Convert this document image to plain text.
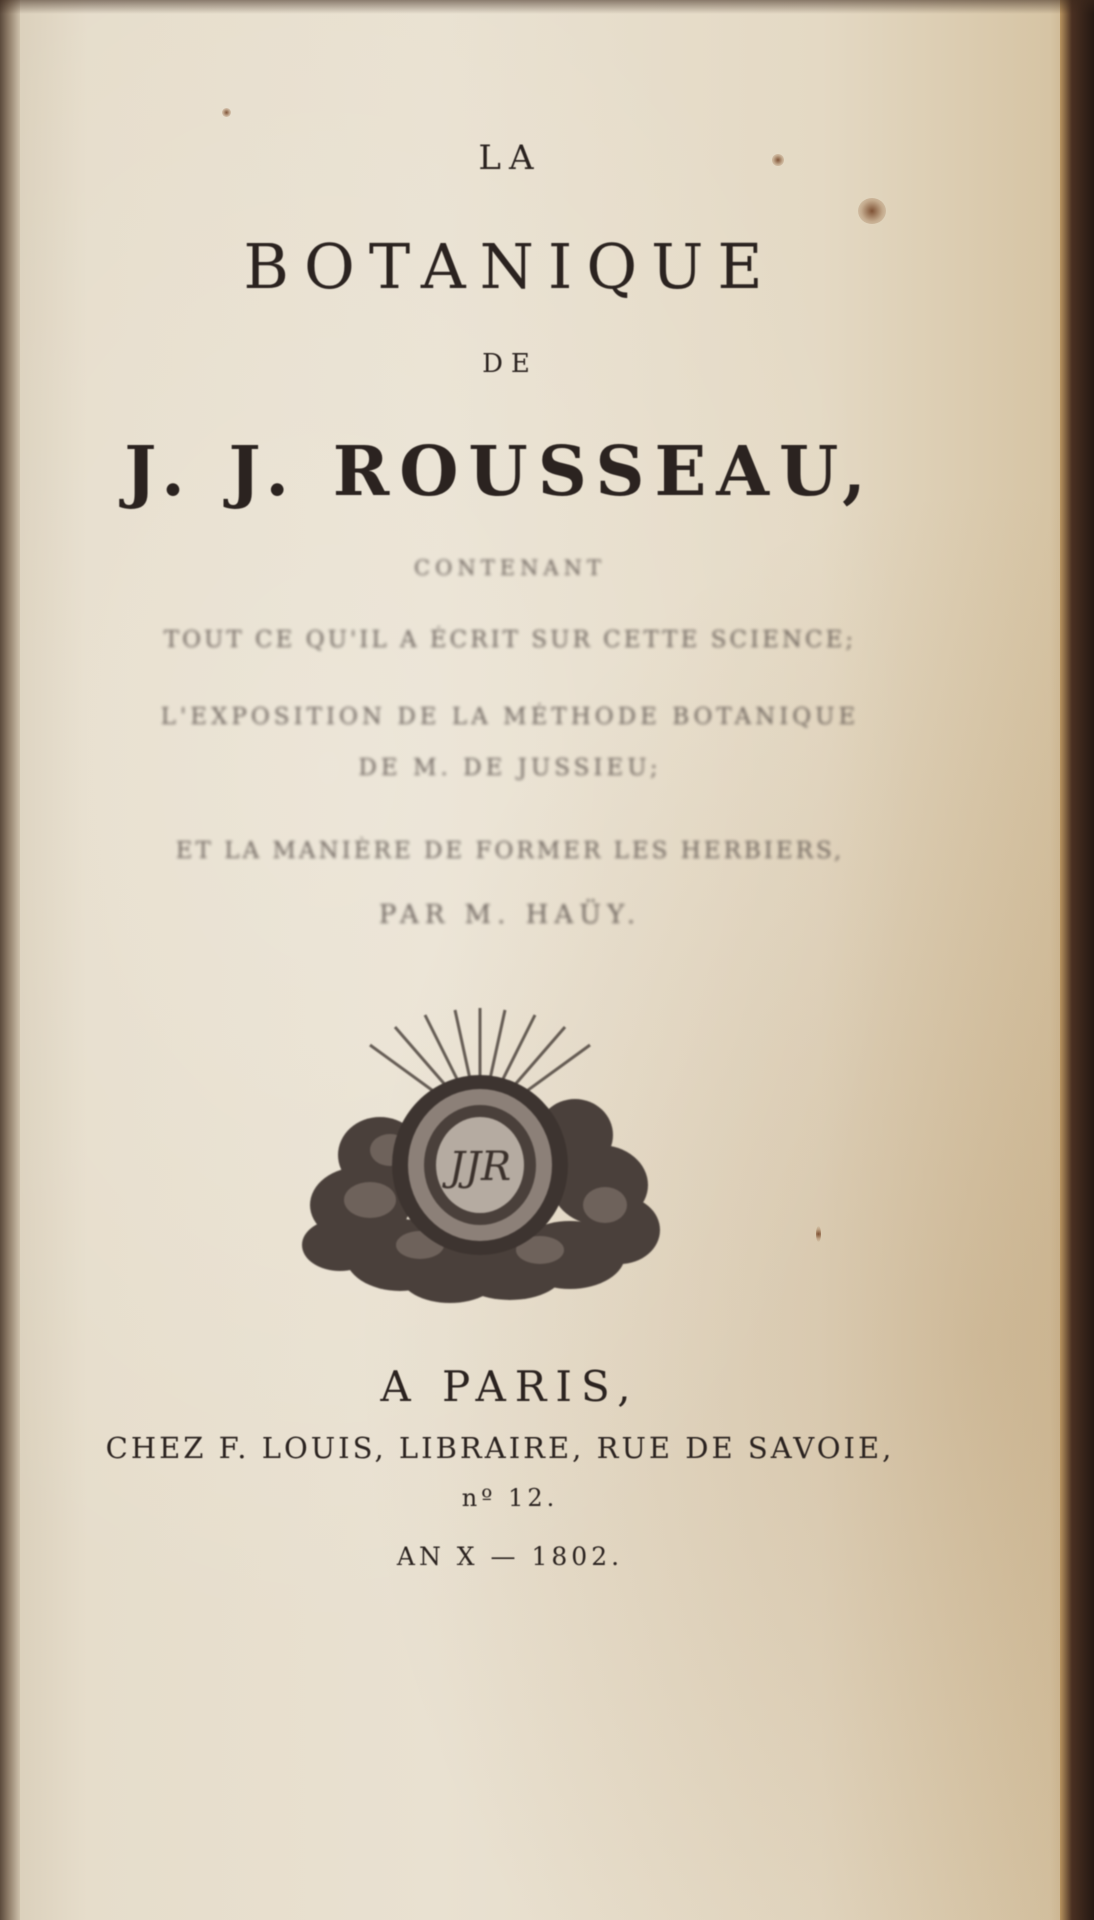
LA
BOTANIQUE
DE
J. J. ROUSSEAU,
CONTENANT
TOUT CE QU'IL A ÉCRIT SUR CETTE SCIENCE;
L'EXPOSITION DE LA MÉTHODE BOTANIQUE
DE M. DE JUSSIEU;
ET LA MANIÈRE DE FORMER LES HERBIERS,
PAR M. HAÜY.
JJR
A PARIS,
CHEZ F. LOUIS, LIBRAIRE, RUE DE SAVOIE,
nº 12.
AN X — 1802.
